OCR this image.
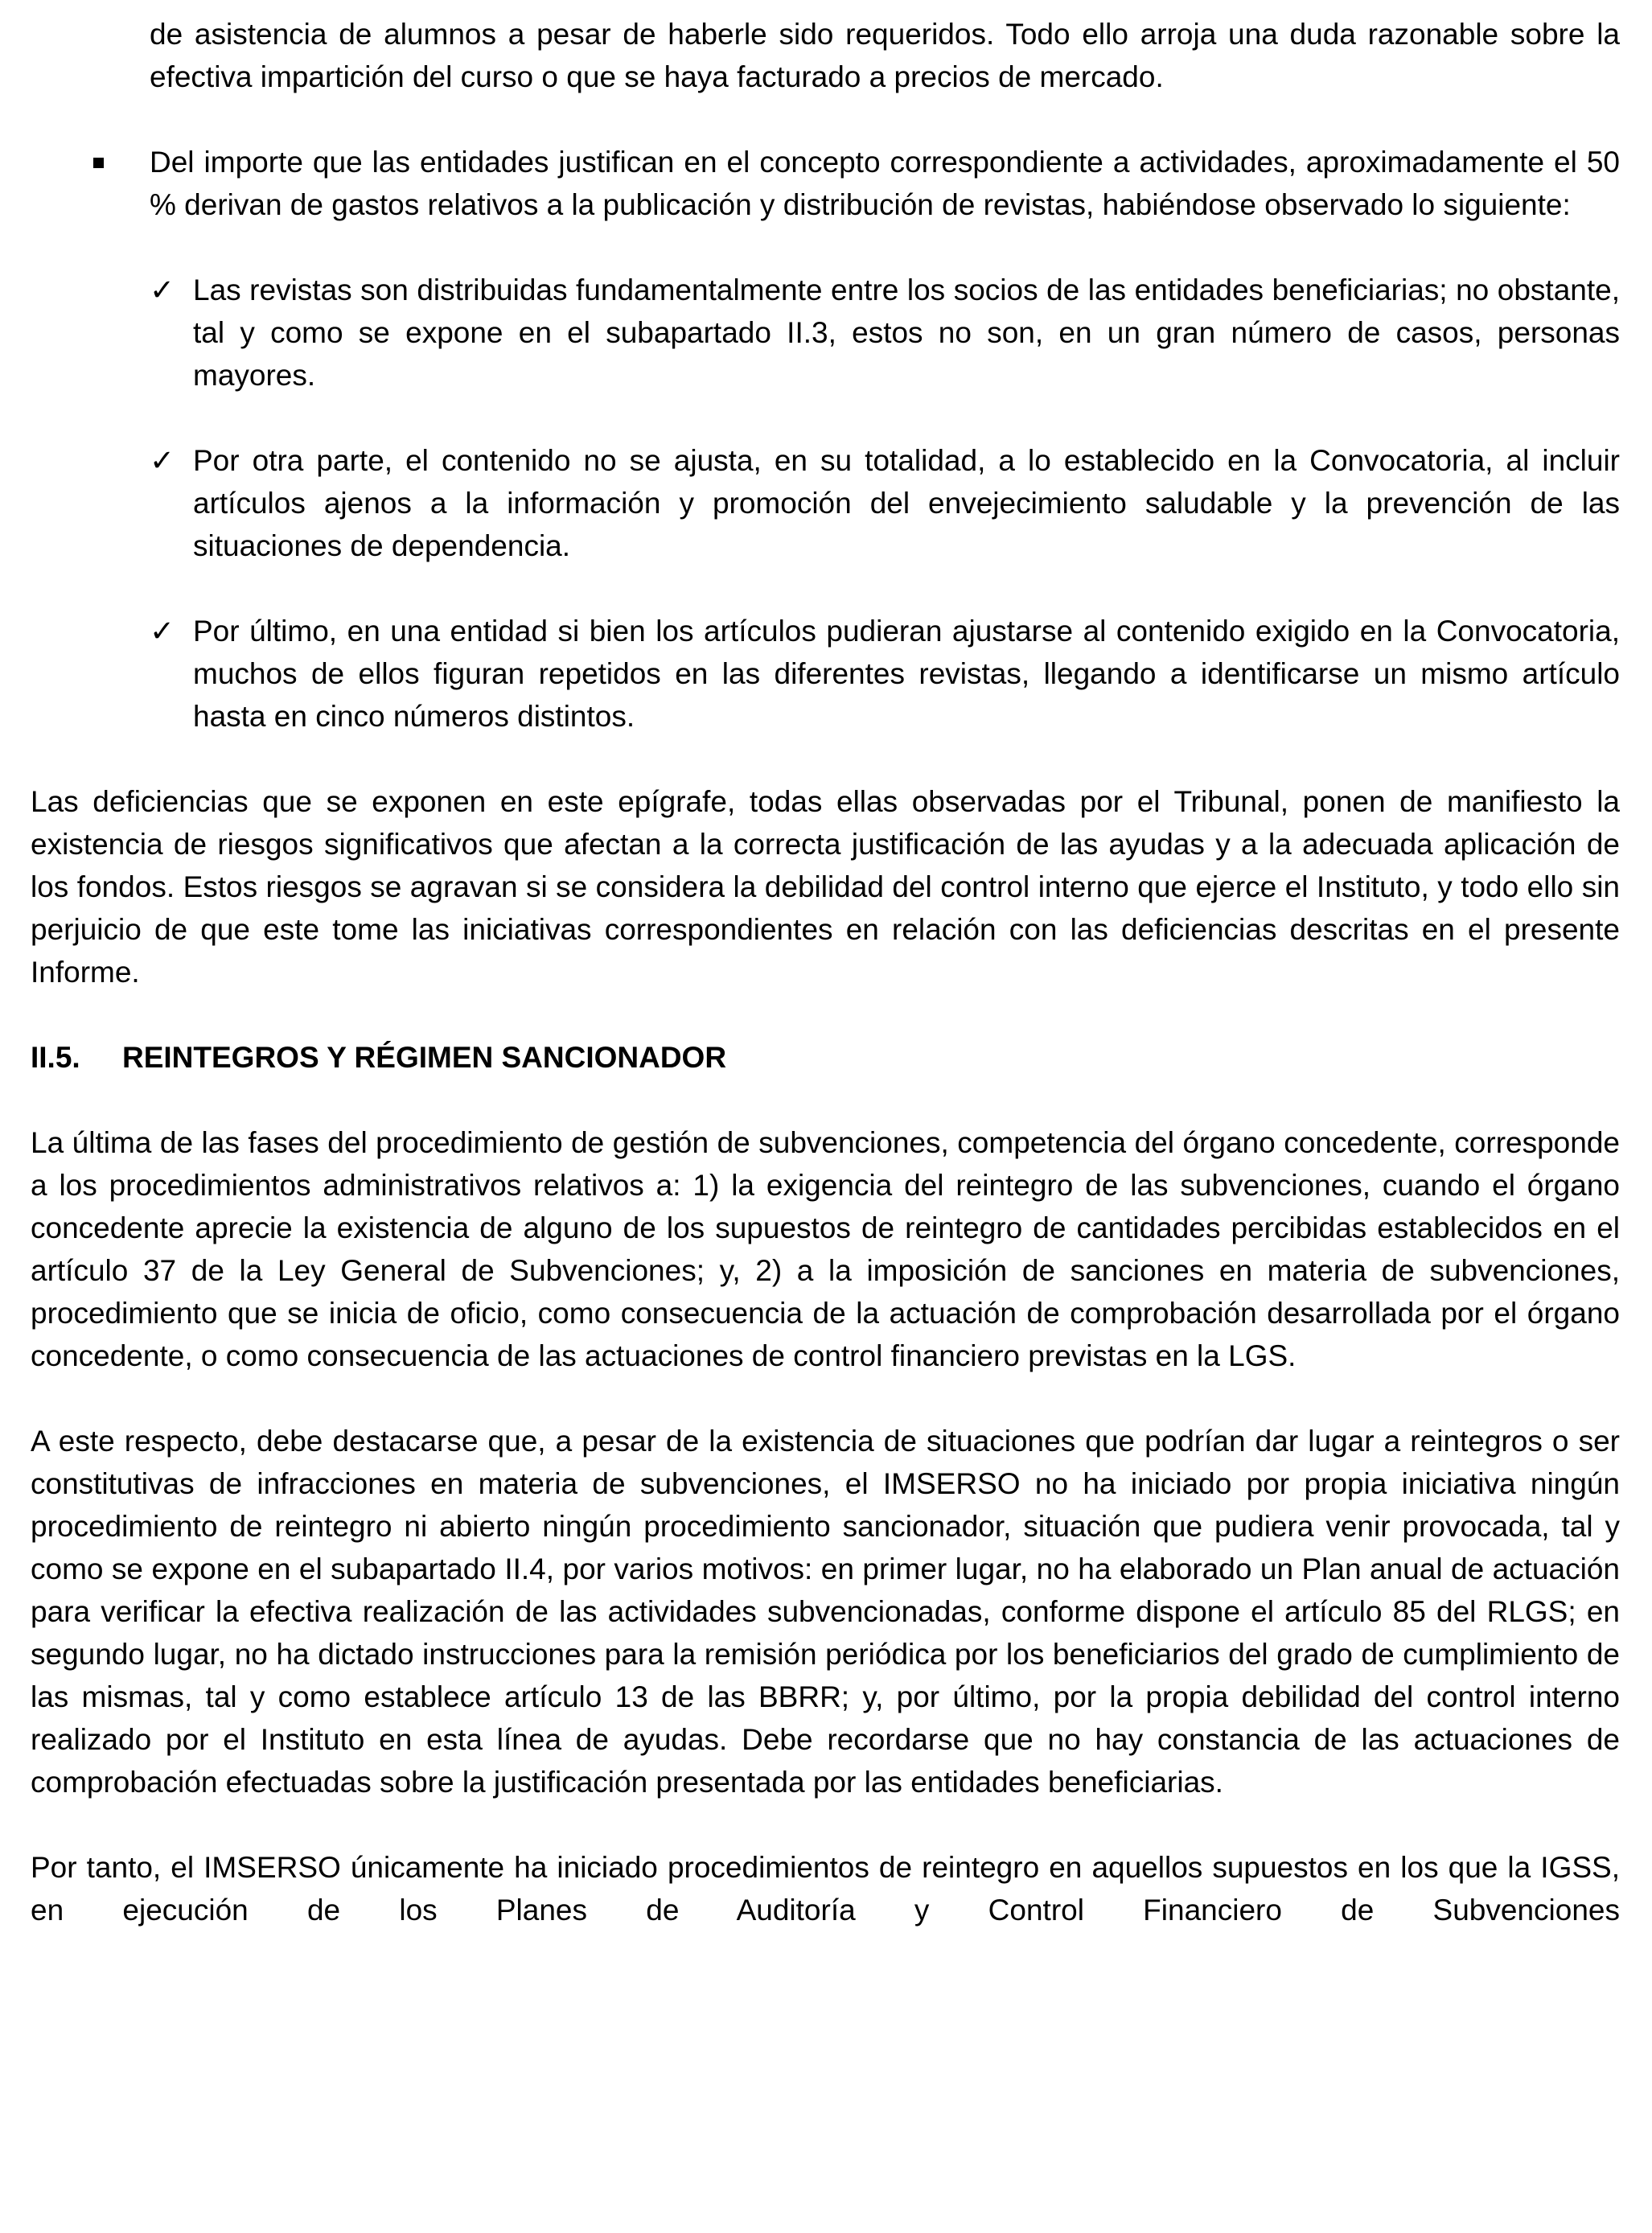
de asistencia de alumnos a pesar de haberle sido requeridos. Todo ello arroja una duda razonable sobre la efectiva impartición del curso o que se haya facturado a precios de mercado.

Del importe que las entidades justifican en el concepto correspondiente a actividades, aproximadamente el 50 % derivan de gastos relativos a la publicación y distribución de revistas, habiéndose observado lo siguiente:
✓ Las revistas son distribuidas fundamentalmente entre los socios de las entidades beneficiarias; no obstante, tal y como se expone en el subapartado II.3, estos no son, en un gran número de casos, personas mayores.
✓ Por otra parte, el contenido no se ajusta, en su totalidad, a lo establecido en la Convocatoria, al incluir artículos ajenos a la información y promoción del envejecimiento saludable y la prevención de las situaciones de dependencia.
✓ Por último, en una entidad si bien los artículos pudieran ajustarse al contenido exigido en la Convocatoria, muchos de ellos figuran repetidos en las diferentes revistas, llegando a identificarse un mismo artículo hasta en cinco números distintos.

Las deficiencias que se exponen en este epígrafe, todas ellas observadas por el Tribunal, ponen de manifiesto la existencia de riesgos significativos que afectan a la correcta justificación de las ayudas y a la adecuada aplicación de los fondos. Estos riesgos se agravan si se considera la debilidad del control interno que ejerce el Instituto, y todo ello sin perjuicio de que este tome las iniciativas correspondientes en relación con las deficiencias descritas en el presente Informe.

II.5.	REINTEGROS Y RÉGIMEN SANCIONADOR

La última de las fases del procedimiento de gestión de subvenciones, competencia del órgano concedente, corresponde a los procedimientos administrativos relativos a: 1) la exigencia del reintegro de las subvenciones, cuando el órgano concedente aprecie la existencia de alguno de los supuestos de reintegro de cantidades percibidas establecidos en el artículo 37 de la Ley General de Subvenciones; y, 2) a la imposición de sanciones en materia de subvenciones, procedimiento que se inicia de oficio, como consecuencia de la actuación de comprobación desarrollada por el órgano concedente, o como consecuencia de las actuaciones de control financiero previstas en la LGS.

A este respecto, debe destacarse que, a pesar de la existencia de situaciones que podrían dar lugar a reintegros o ser constitutivas de infracciones en materia de subvenciones, el IMSERSO no ha iniciado por propia iniciativa ningún procedimiento de reintegro ni abierto ningún procedimiento sancionador, situación que pudiera venir provocada, tal y como se expone en el subapartado II.4, por varios motivos: en primer lugar, no ha elaborado un Plan anual de actuación para verificar la efectiva realización de las actividades subvencionadas, conforme dispone el artículo 85 del RLGS; en segundo lugar, no ha dictado instrucciones para la remisión periódica por los beneficiarios del grado de cumplimiento de las mismas, tal y como establece artículo 13 de las BBRR; y, por último, por la propia debilidad del control interno realizado por el Instituto en esta línea de ayudas. Debe recordarse que no hay constancia de las actuaciones de comprobación efectuadas sobre la justificación presentada por las entidades beneficiarias.

Por tanto, el IMSERSO únicamente ha iniciado procedimientos de reintegro en aquellos supuestos en los que la IGSS, en ejecución de los Planes de Auditoría y Control Financiero de Subvenciones
